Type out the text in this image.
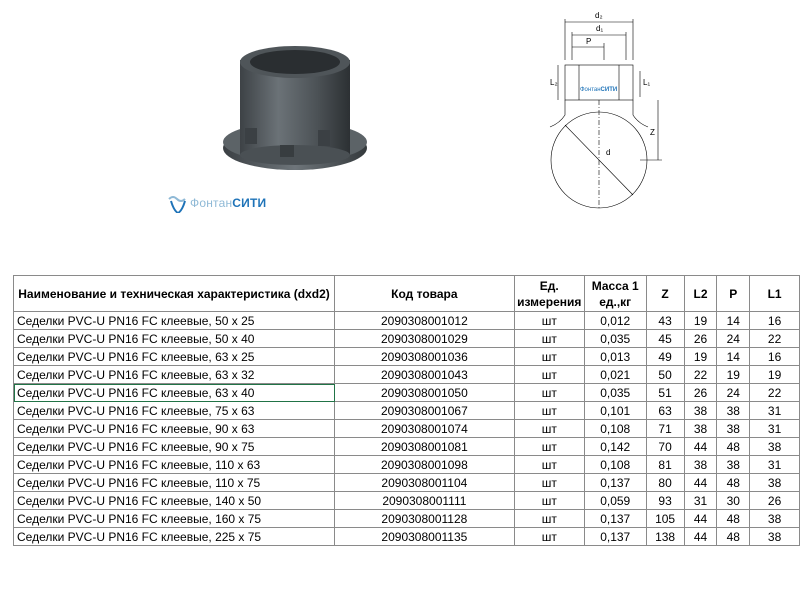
ФонтанСИТИ
d₂
d₁
P
L₂	L₁
Z
d
ФонтанСИТИ
Наименование и техническая характеристика (dxd2)	Код товара	Ед. измерения	Масса 1 ед.,кг	Z	L2	P	L1
Седелки PVC-U PN16 FC клеевые, 50 х 25	2090308001012	шт	0,012	43	19	14	16
Седелки PVC-U PN16 FC клеевые, 50 х 40	2090308001029	шт	0,035	45	26	24	22
Седелки PVC-U PN16 FC клеевые, 63 х 25	2090308001036	шт	0,013	49	19	14	16
Седелки PVC-U PN16 FC клеевые, 63 х 32	2090308001043	шт	0,021	50	22	19	19
Седелки PVC-U PN16 FC клеевые, 63 х 40	2090308001050	шт	0,035	51	26	24	22
Седелки PVC-U PN16 FC клеевые, 75 х 63	2090308001067	шт	0,101	63	38	38	31
Седелки PVC-U PN16 FC клеевые, 90 х 63	2090308001074	шт	0,108	71	38	38	31
Седелки PVC-U PN16 FC клеевые, 90 х 75	2090308001081	шт	0,142	70	44	48	38
Седелки PVC-U PN16 FC клеевые, 110 х 63	2090308001098	шт	0,108	81	38	38	31
Седелки PVC-U PN16 FC клеевые, 110 х 75	2090308001104	шт	0,137	80	44	48	38
Седелки PVC-U PN16 FC клеевые, 140 х 50	2090308001111	шт	0,059	93	31	30	26
Седелки PVC-U PN16 FC клеевые, 160 х 75	2090308001128	шт	0,137	105	44	48	38
Седелки PVC-U PN16 FC клеевые, 225 х 75	2090308001135	шт	0,137	138	44	48	38
